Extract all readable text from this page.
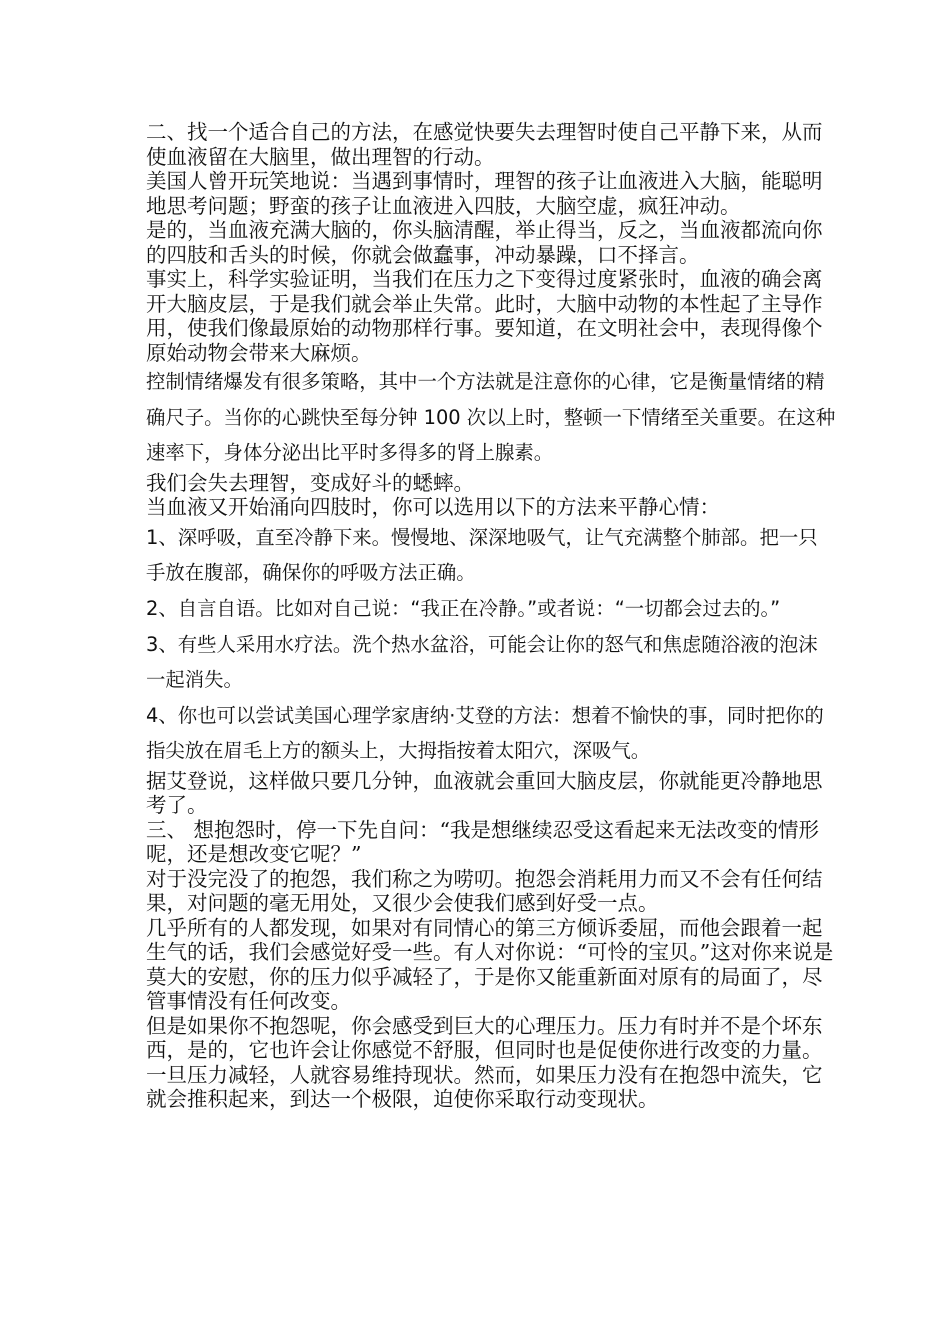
二、找一个适合自己的方法，在感觉快要失去理智时使自己平静下来，从而使血液留在大脑里，做出理智的行动。

美国人曾开玩笑地说：当遇到事情时，理智的孩子让血液进入大脑，能聪明地思考问题；野蛮的孩子让血液进入四肢，大脑空虚，疯狂冲动。

是的，当血液充满大脑的，你头脑清醒，举止得当，反之，当血液都流向你的四肢和舌头的时候，你就会做蠢事，冲动暴躁，口不择言。

事实上，科学实验证明，当我们在压力之下变得过度紧张时，血液的确会离开大脑皮层，于是我们就会举止失常。此时，大脑中动物的本性起了主导作用，使我们像最原始的动物那样行事。要知道，在文明社会中，表现得像个原始动物会带来大麻烦。

控制情绪爆发有很多策略，其中一个方法就是注意你的心律，它是衡量情绪的精确尺子。当你的心跳快至每分钟 100 次以上时，整顿一下情绪至关重要。在这种速率下，身体分泌出比平时多得多的肾上腺素。

我们会失去理智，变成好斗的蟋蟀。

当血液又开始涌向四肢时，你可以选用以下的方法来平静心情：

1、深呼吸，直至冷静下来。慢慢地、深深地吸气，让气充满整个肺部。把一只手放在腹部，确保你的呼吸方法正确。

2、自言自语。比如对自己说：“我正在冷静。”或者说：“一切都会过去的。”

3、有些人采用水疗法。洗个热水盆浴，可能会让你的怒气和焦虑随浴液的泡沫一起消失。

4、你也可以尝试美国心理学家唐纳·艾登的方法：想着不愉快的事，同时把你的指尖放在眉毛上方的额头上，大拇指按着太阳穴，深吸气。

据艾登说，这样做只要几分钟，血液就会重回大脑皮层，你就能更冷静地思考了。

三、 想抱怨时，停一下先自问：“我是想继续忍受这看起来无法改变的情形呢，还是想改变它呢？”

对于没完没了的抱怨，我们称之为唠叨。抱怨会消耗用力而又不会有任何结果，对问题的毫无用处，又很少会使我们感到好受一点。

几乎所有的人都发现，如果对有同情心的第三方倾诉委屈，而他会跟着一起生气的话，我们会感觉好受一些。有人对你说：“可怜的宝贝。”这对你来说是莫大的安慰，你的压力似乎减轻了，于是你又能重新面对原有的局面了，尽管事情没有任何改变。

但是如果你不抱怨呢，你会感受到巨大的心理压力。压力有时并不是个坏东西，是的，它也许会让你感觉不舒服，但同时也是促使你进行改变的力量。一旦压力减轻，人就容易维持现状。然而，如果压力没有在抱怨中流失，它就会推积起来，到达一个极限，迫使你采取行动变现状。
